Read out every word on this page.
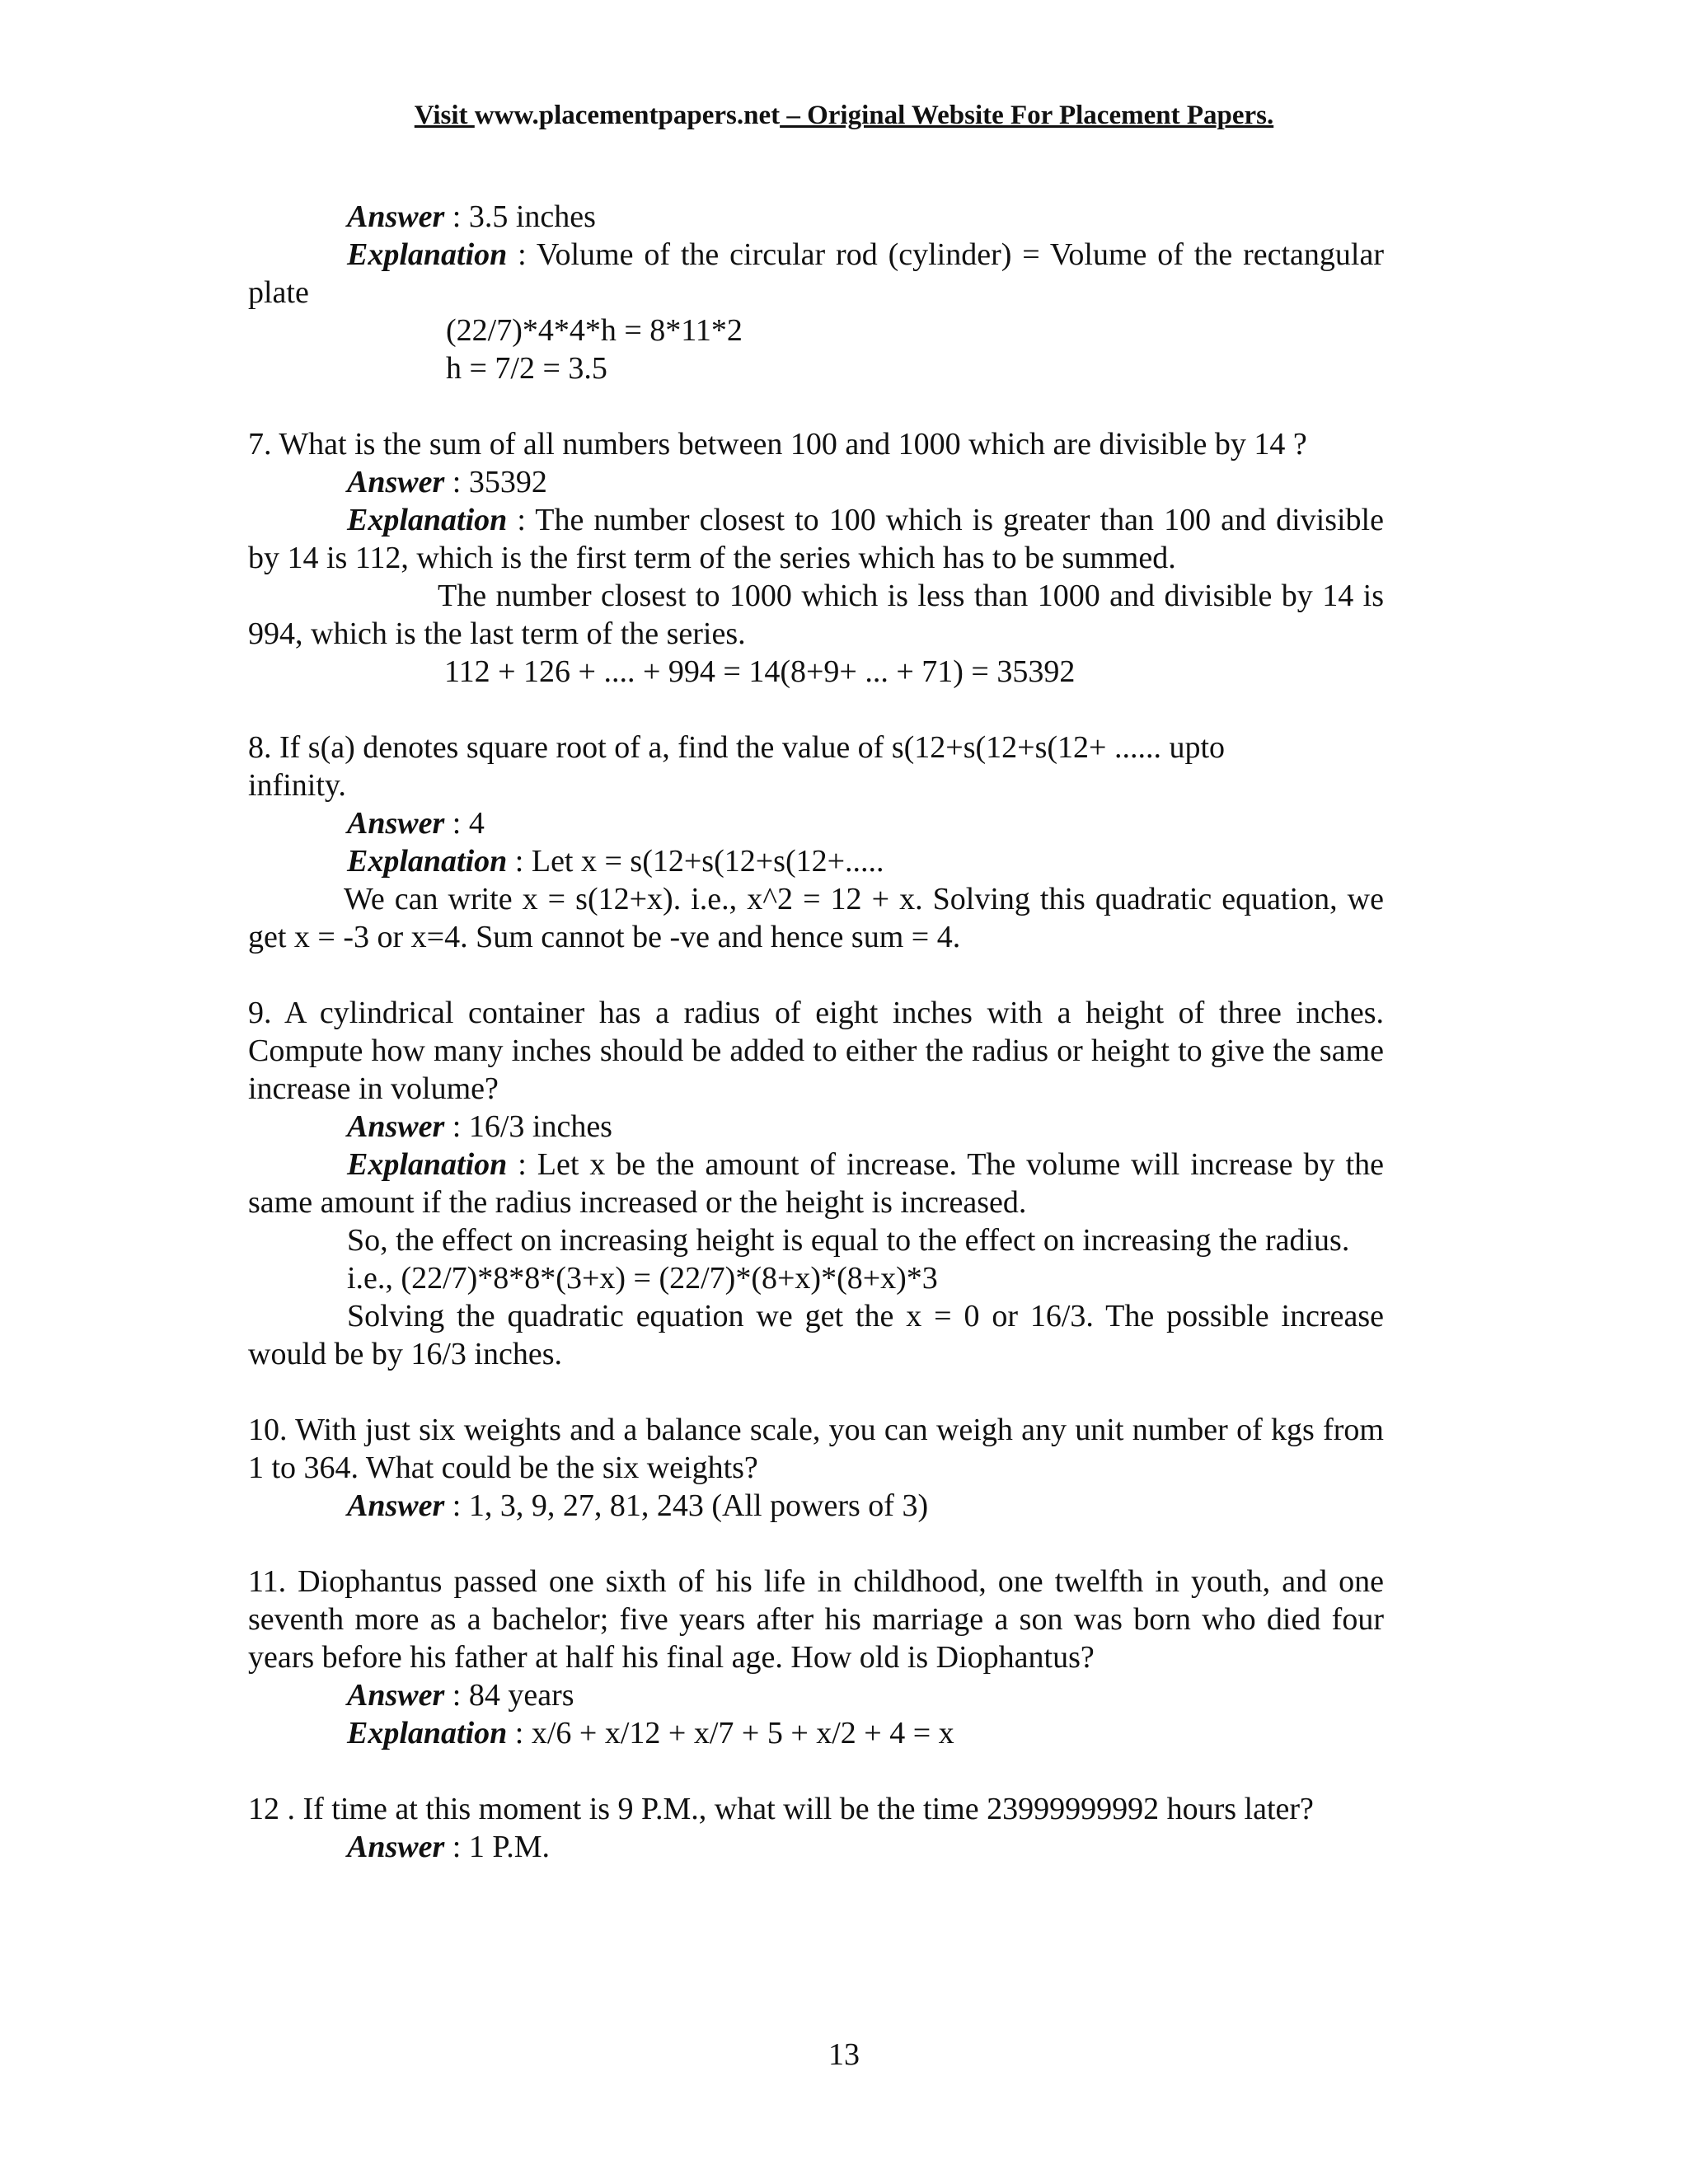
Visit www.placementpapers.net – Original Website For Placement Papers.

Answer : 3.5 inches

Explanation : Volume of the circular rod (cylinder) = Volume of the rectangular plate

(22/7)*4*4*h = 8*11*2

h = 7/2 = 3.5

7. What is the sum of all numbers between 100 and 1000 which are divisible by 14 ?

Answer : 35392

Explanation : The number closest to 100 which is greater than 100 and divisible by 14 is 112, which is the first term of the series which has to be summed.

The number closest to 1000 which is less than 1000 and divisible by 14 is 994, which is the last term of the series.

112 + 126 + .... + 994 = 14(8+9+ ... + 71) = 35392

8. If s(a) denotes square root of a, find the value of s(12+s(12+s(12+ ...... upto infinity.

Answer : 4

Explanation : Let x = s(12+s(12+s(12+.....

We can write x = s(12+x). i.e., x^2 = 12 + x. Solving this quadratic equation, we get x = -3 or x=4. Sum cannot be -ve and hence sum = 4.

9. A cylindrical container has a radius of eight inches with a height of three inches. Compute how many inches should be added to either the radius or height to give the same increase in volume?

Answer : 16/3 inches

Explanation : Let x be the amount of increase. The volume will increase by the same amount if the radius increased or the height is increased.

So, the effect on increasing height is equal to the effect on increasing the radius.

i.e., (22/7)*8*8*(3+x) = (22/7)*(8+x)*(8+x)*3

Solving the quadratic equation we get the x = 0 or 16/3. The possible increase would be by 16/3 inches.

10. With just six weights and a balance scale, you can weigh any unit number of kgs from 1 to 364. What could be the six weights?

Answer : 1, 3, 9, 27, 81, 243 (All powers of 3)

11. Diophantus passed one sixth of his life in childhood, one twelfth in youth, and one seventh more as a bachelor; five years after his marriage a son was born who died four years before his father at half his final age. How old is Diophantus?

Answer : 84 years

Explanation : x/6 + x/12 + x/7 + 5 + x/2 + 4 = x

12 . If time at this moment is 9 P.M., what will be the time 23999999992 hours later?

Answer : 1 P.M.

13
